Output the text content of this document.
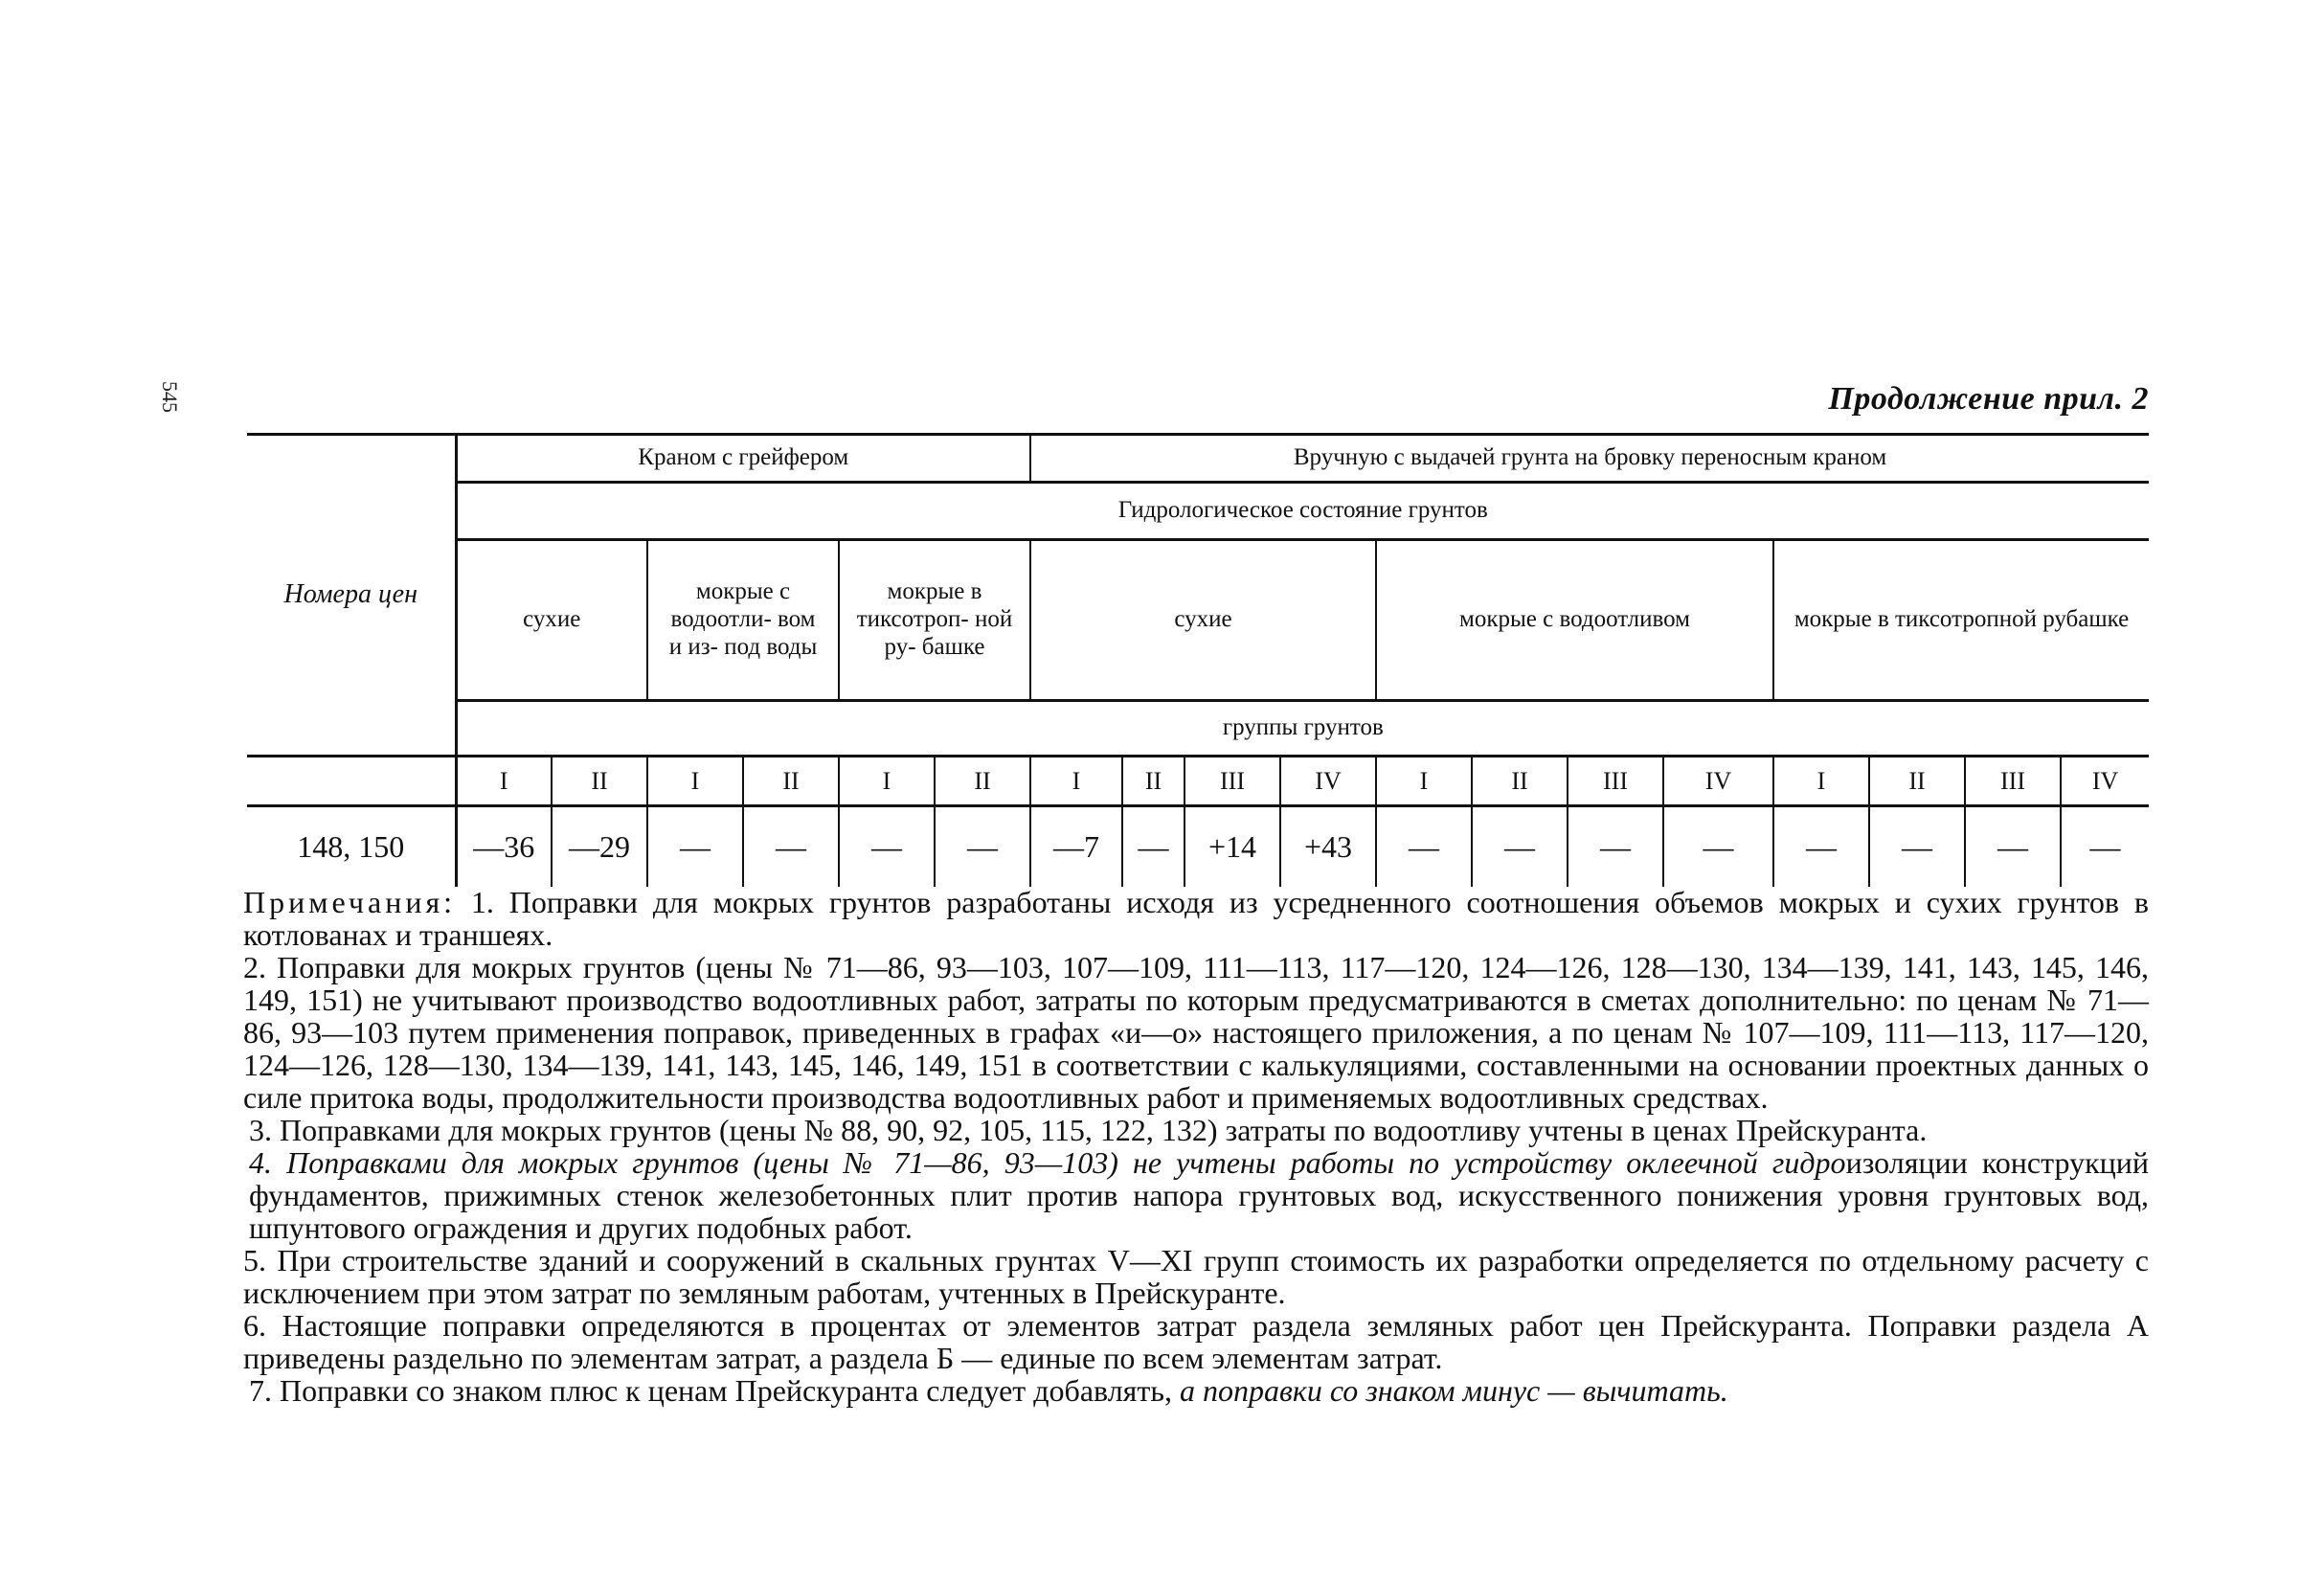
545	Продолжение прил. 2
Номера цен	Краном с грейфером						Вручную с выдачей грунта на бровку переносным краном											
	Гидрологическое состояние грунтов																	
	сухие		мокрые с водоотли- вом и из- под воды		мокрые в тиксотроп- ной ру- башке		сухие				мокрые с водоотливом				мокрые в тиксотропной рубашке			
	группы грунтов																	
	I	II	I	II	I	II	I	II	III	IV	I	II	III	IV	I	II	III	IV
148, 150	—36	—29	—	—	—	—	—7	—	+14	+43	—	—	—	—	—	—	—	—

Примечания: 1. Поправки для мокрых грунтов разработаны исходя из усредненного соотношения объемов мокрых и сухих грунтов в котлованах и траншеях.

2. Поправки для мокрых грунтов (цены № 71—86, 93—103, 107—109, 111—113, 117—120, 124—126, 128—130, 134—139, 141, 143, 145, 146, 149, 151) не учитывают производство водоотливных работ, затраты по которым предусматриваются в сметах дополнительно: по ценам № 71—86, 93—103 путем применения поправок, приведенных в графах «и—о» настоящего приложения, а по ценам № 107—109, 111—113, 117—120, 124—126, 128—130, 134—139, 141, 143, 145, 146, 149, 151 в соответствии с калькуляциями, составленными на основании проектных данных о силе притока воды, продолжительности производства водоотливных работ и применяемых водоотливных средствах.

3. Поправками для мокрых грунтов (цены № 88, 90, 92, 105, 115, 122, 132) затраты по водоотливу учтены в ценах Прейскуранта.

4. Поправками для мокрых грунтов (цены № 71—86, 93—103) не учтены работы по устройству оклеечной гидроизоляции конструкций фундаментов, прижимных стенок железобетонных плит против напора грунтовых вод, искусственного понижения уровня грунтовых вод, шпунтового ограждения и других подобных работ.

5. При строительстве зданий и сооружений в скальных грунтах V—XI групп стоимость их разработки определяется по отдельному расчету с исключением при этом затрат по земляным работам, учтенных в Прейскуранте.

6. Настоящие поправки определяются в процентах от элементов затрат раздела земляных работ цен Прейскуранта. Поправки раздела А приведены раздельно по элементам затрат, а раздела Б — единые по всем элементам затрат.

7. Поправки со знаком плюс к ценам Прейскуранта следует добавлять, а поправки со знаком минус — вычитать.
